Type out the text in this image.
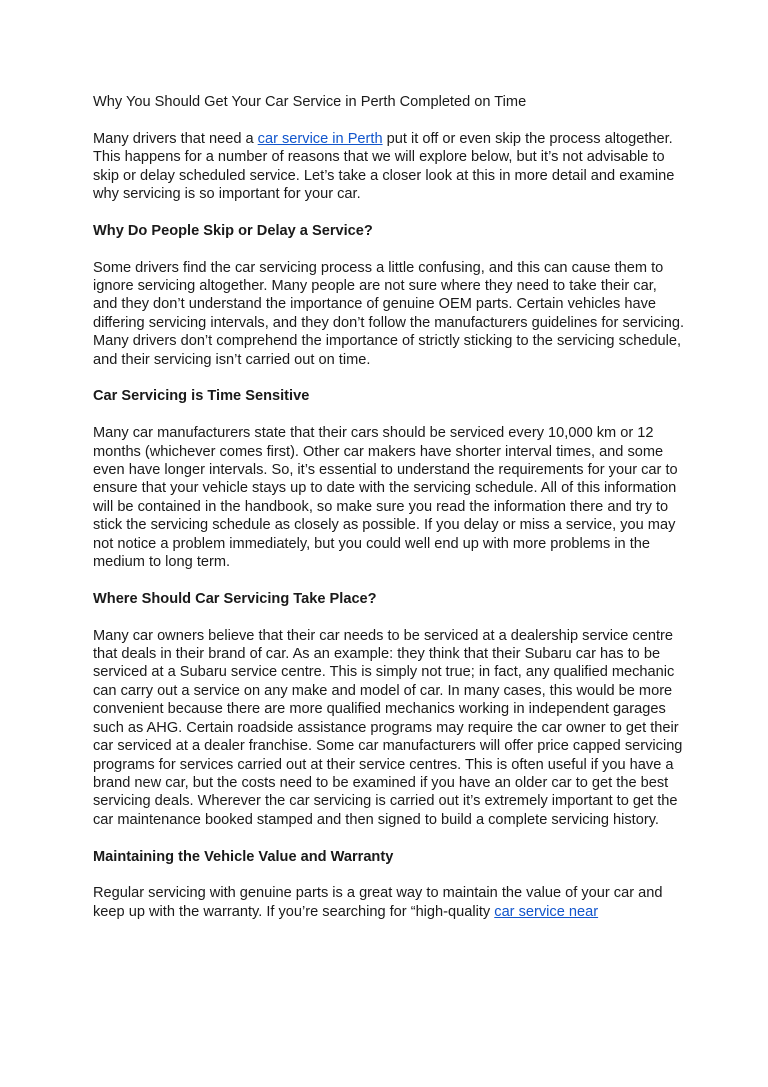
Why You Should Get Your Car Service in Perth Completed on Time

Many drivers that need a car service in Perth put it off or even skip the process altogether. This happens for a number of reasons that we will explore below, but it’s not advisable to skip or delay scheduled service. Let’s take a closer look at this in more detail and examine why servicing is so important for your car.

Why Do People Skip or Delay a Service?

Some drivers find the car servicing process a little confusing, and this can cause them to ignore servicing altogether. Many people are not sure where they need to take their car, and they don’t understand the importance of genuine OEM parts. Certain vehicles have differing servicing intervals, and they don’t follow the manufacturers guidelines for servicing. Many drivers don’t comprehend the importance of strictly sticking to the servicing schedule, and their servicing isn’t carried out on time.

Car Servicing is Time Sensitive

Many car manufacturers state that their cars should be serviced every 10,000 km or 12 months (whichever comes first). Other car makers have shorter interval times, and some even have longer intervals. So, it’s essential to understand the requirements for your car to ensure that your vehicle stays up to date with the servicing schedule. All of this information will be contained in the handbook, so make sure you read the information there and try to stick the servicing schedule as closely as possible. If you delay or miss a service, you may not notice a problem immediately, but you could well end up with more problems in the medium to long term.

Where Should Car Servicing Take Place?

Many car owners believe that their car needs to be serviced at a dealership service centre that deals in their brand of car. As an example: they think that their Subaru car has to be serviced at a Subaru service centre. This is simply not true; in fact, any qualified mechanic can carry out a service on any make and model of car. In many cases, this would be more convenient because there are more qualified mechanics working in independent garages such as AHG. Certain roadside assistance programs may require the car owner to get their car serviced at a dealer franchise. Some car manufacturers will offer price capped servicing programs for services carried out at their service centres. This is often useful if you have a brand new car, but the costs need to be examined if you have an older car to get the best servicing deals. Wherever the car servicing is carried out it’s extremely important to get the car maintenance booked stamped and then signed to build a complete servicing history.

Maintaining the Vehicle Value and Warranty

Regular servicing with genuine parts is a great way to maintain the value of your car and keep up with the warranty. If you’re searching for “high-quality car service near
